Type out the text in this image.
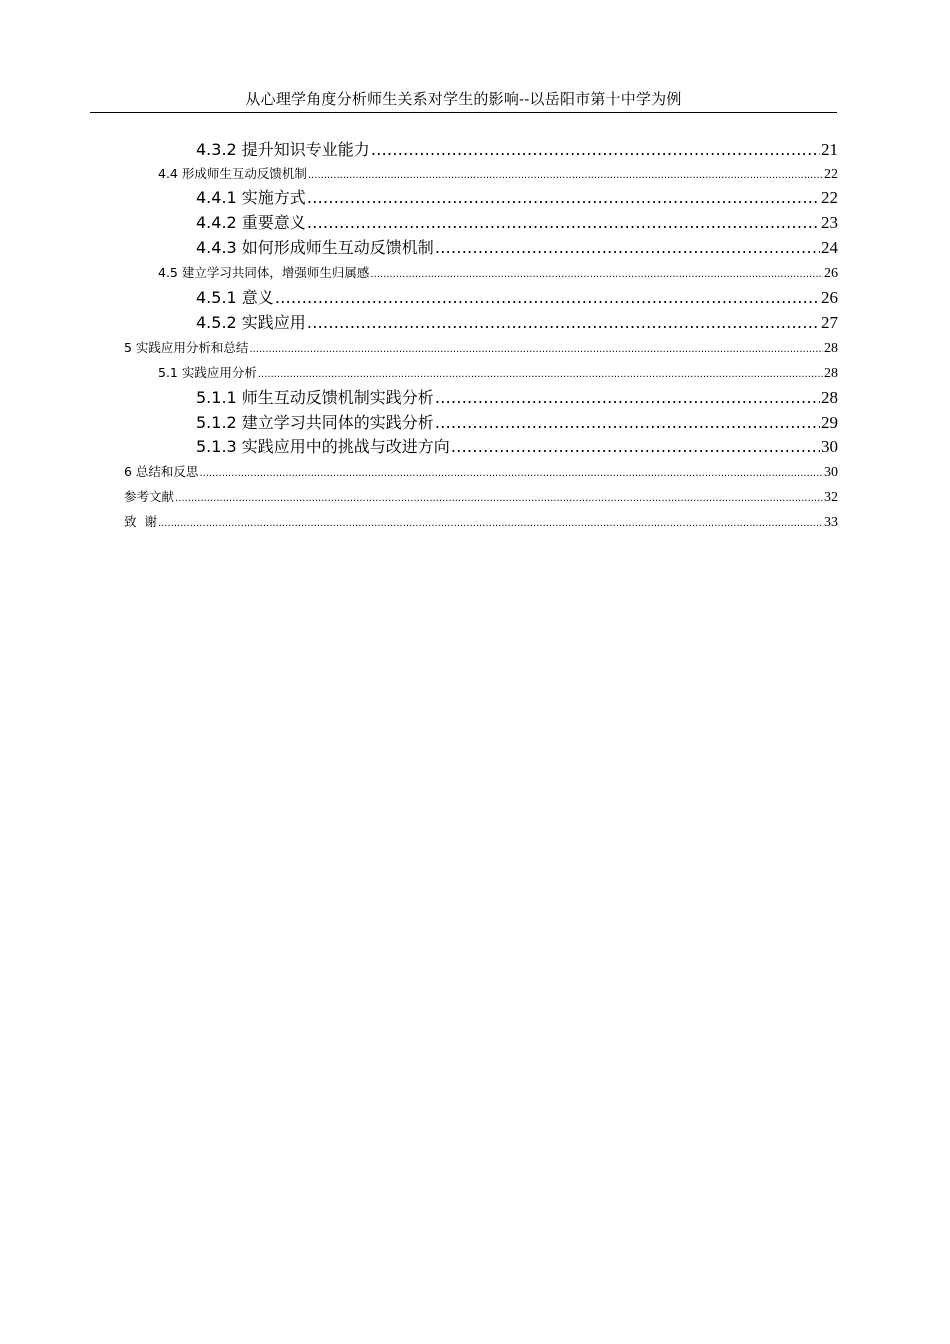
从心理学角度分析师生关系对学生的影响--以岳阳市第十中学为例
4.3.2 提升知识专业能力 .....	21
4.4 形成师生互动反馈机制 .....	22
4.4.1 实施方式 .....	22
4.4.2 重要意义 .....	23
4.4.3 如何形成师生互动反馈机制 .....	24
4.5 建立学习共同体，增强师生归属感 .....	26
4.5.1 意义 .....	26
4.5.2 实践应用 .....	27
5 实践应用分析和总结 .....	28
5.1 实践应用分析 .....	28
5.1.1 师生互动反馈机制实践分析 .....	28
5.1.2 建立学习共同体的实践分析 .....	29
5.1.3 实践应用中的挑战与改进方向 .....	30
6 总结和反思 .....	30
参考文献 .....	32
致  谢 .....	33
